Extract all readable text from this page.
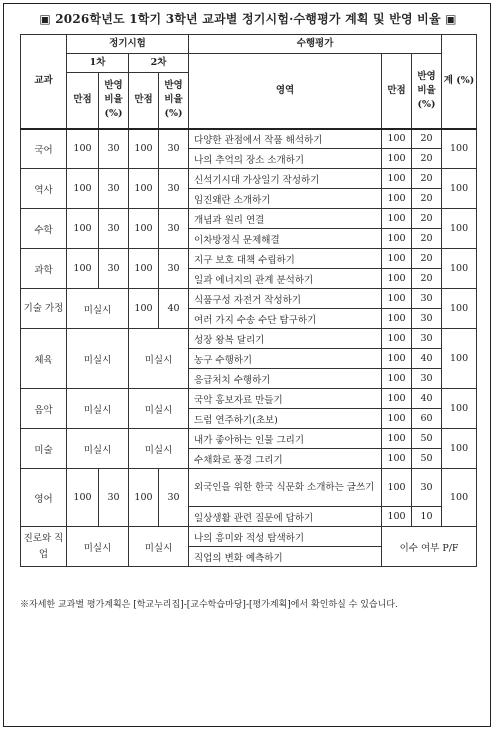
▣ 2026학년도 1학기 3학년 교과별 정기시험·수행평가 계획 및 반영 비율 ▣
교과	정기시험				수행평가			계 (%)
	1차		2차		영역	만점	반영 비율 (%)	
	만점	반영 비율 (%)	만점	반영 비율 (%)				
국어	100	30	100	30	다양한 관점에서 작품 해석하기	100	20	100
					나의 추억의 장소 소개하기	100	20	
역사	100	30	100	30	신석기시대 가상일기 작성하기	100	20	100
					임진왜란 소개하기	100	20	
수학	100	30	100	30	개념과 원리 연결	100	20	100
					이차방정식 문제해결	100	20	
과학	100	30	100	30	지구 보호 대책 수립하기	100	20	100
					일과 에너지의 관계 분석하기	100	20	
기술 가정	미실시		100	40	식품구성 자전거 작성하기	100	30	100
					여러 가지 수송 수단 탐구하기	100	30	
체육	미실시		미실시		성장 왕복 달리기	100	30	100
					농구 수행하기	100	40	
					응급처치 수행하기	100	30	
음악	미실시		미실시		국악 홍보자료 만들기	100	40	100
					드럼 연주하기(초보)	100	60	
미술	미실시		미실시		내가 좋아하는 인물 그리기	100	50	100
					수채화로 풍경 그리기	100	50	
영어	100	30	100	30	외국인을 위한 한국 식문화 소개하는 글쓰기	100	30	100
					일상생활 관련 질문에 답하기	100	10	
진로와 직업	미실시		미실시		나의 흥미와 적성 탐색하기	이수 여부 P/F		
					직업의 변화 예측하기			
※자세한 교과별 평가계획은 [학교누리집]-[교수학습마당]-[평가계획]에서 확인하실 수 있습니다.
